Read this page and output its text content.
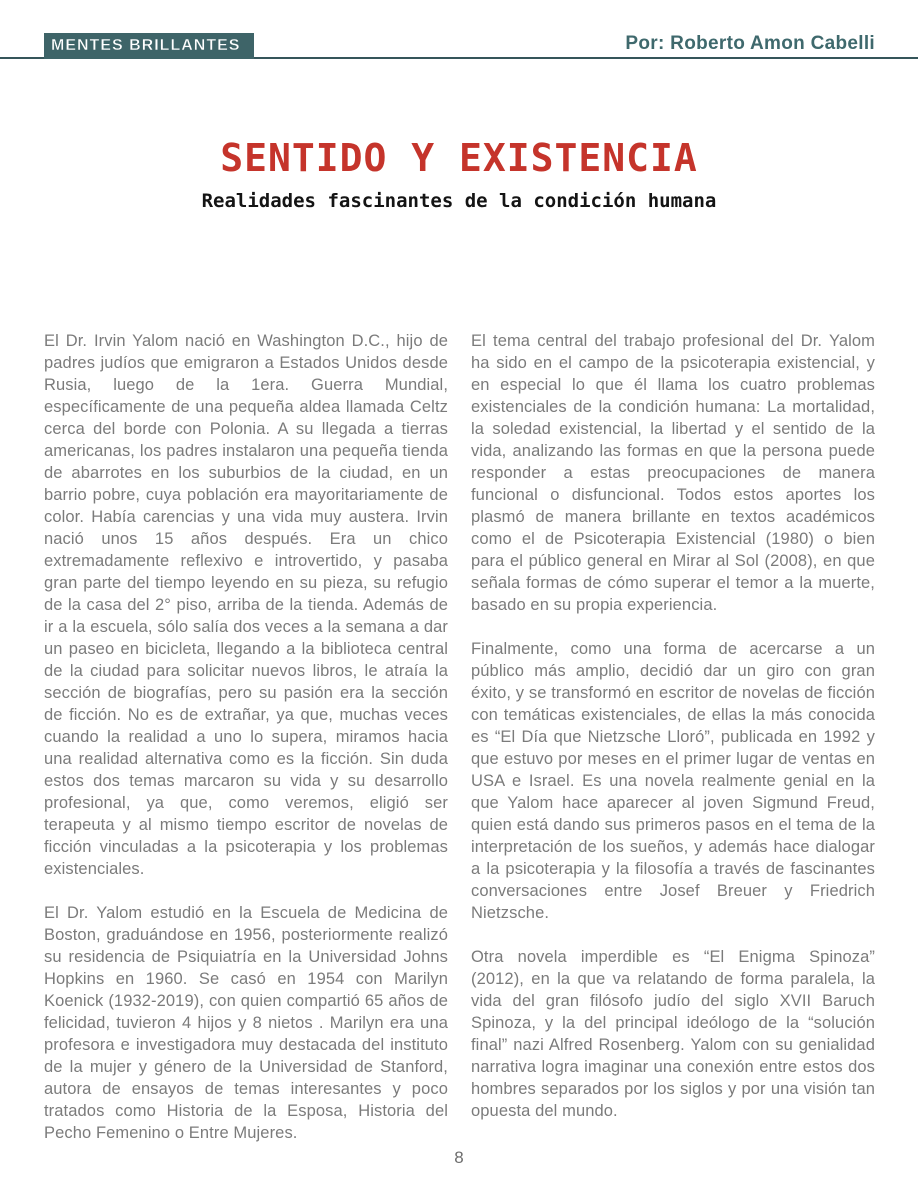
MENTES BRILLANTES	Por: Roberto Amon Cabelli
SENTIDO Y EXISTENCIA
Realidades fascinantes de la condición humana

El Dr. Irvin Yalom nació en Washington D.C., hijo de padres judíos que emigraron a Estados Unidos desde Rusia, luego de la 1era. Guerra Mundial, específicamente de una pequeña aldea llamada Celtz cerca del borde con Polonia. A su llegada a tierras americanas, los padres instalaron una pequeña tienda de abarrotes en los suburbios de la ciudad, en un barrio pobre, cuya población era mayoritariamente de color. Había carencias y una vida muy austera. Irvin nació unos 15 años después. Era un chico extremadamente reflexivo e introvertido, y pasaba gran parte del tiempo leyendo en su pieza, su refugio de la casa del 2° piso, arriba de la tienda. Además de ir a la escuela, sólo salía dos veces a la semana a dar un paseo en bicicleta, llegando a la biblioteca central de la ciudad para solicitar nuevos libros, le atraía la sección de biografías, pero su pasión era la sección de ficción. No es de extrañar, ya que, muchas veces cuando la realidad a uno lo supera, miramos hacia una realidad alternativa como es la ficción. Sin duda estos dos temas marcaron su vida y su desarrollo profesional, ya que, como veremos, eligió ser terapeuta y al mismo tiempo escritor de novelas de ficción vinculadas a la psicoterapia y los problemas existenciales.

El Dr. Yalom estudió en la Escuela de Medicina de Boston, graduándose en 1956, posteriormente realizó su residencia de Psiquiatría en la Universidad Johns Hopkins en 1960. Se casó en 1954 con Marilyn Koenick (1932-2019), con quien compartió 65 años de felicidad, tuvieron 4 hijos y 8 nietos . Marilyn era una profesora e investigadora muy destacada del instituto de la mujer y género de la Universidad de Stanford, autora de ensayos de temas interesantes y poco tratados como Historia de la Esposa, Historia del Pecho Femenino o Entre Mujeres.

El tema central del trabajo profesional del Dr. Yalom ha sido en el campo de la psicoterapia existencial, y en especial lo que él llama los cuatro problemas existenciales de la condición humana: La mortalidad, la soledad existencial, la libertad y el sentido de la vida, analizando las formas en que la persona puede responder a estas preocupaciones de manera funcional o disfuncional. Todos estos aportes los plasmó de manera brillante en textos académicos como el de Psicoterapia Existencial (1980) o bien para el público general en Mirar al Sol (2008), en que señala formas de cómo superar el temor a la muerte, basado en su propia experiencia.

Finalmente, como una forma de acercarse a un público más amplio, decidió dar un giro con gran éxito, y se transformó en escritor de novelas de ficción con temáticas existenciales, de ellas la más conocida es “El Día que Nietzsche Lloró”, publicada en 1992 y que estuvo por meses en el primer lugar de ventas en USA e Israel. Es una novela realmente genial en la que Yalom hace aparecer al joven Sigmund Freud, quien está dando sus primeros pasos en el tema de la interpretación de los sueños, y además hace dialogar a la psicoterapia y la filosofía a través de fascinantes conversaciones entre Josef Breuer y Friedrich Nietzsche.

Otra novela imperdible es “El Enigma Spinoza” (2012), en la que va relatando de forma paralela, la vida del gran filósofo judío del siglo XVII Baruch Spinoza, y la del principal ideólogo de la “solución final” nazi Alfred Rosenberg. Yalom con su genialidad narrativa logra imaginar una conexión entre estos dos hombres separados por los siglos y por una visión tan opuesta del mundo.

8
